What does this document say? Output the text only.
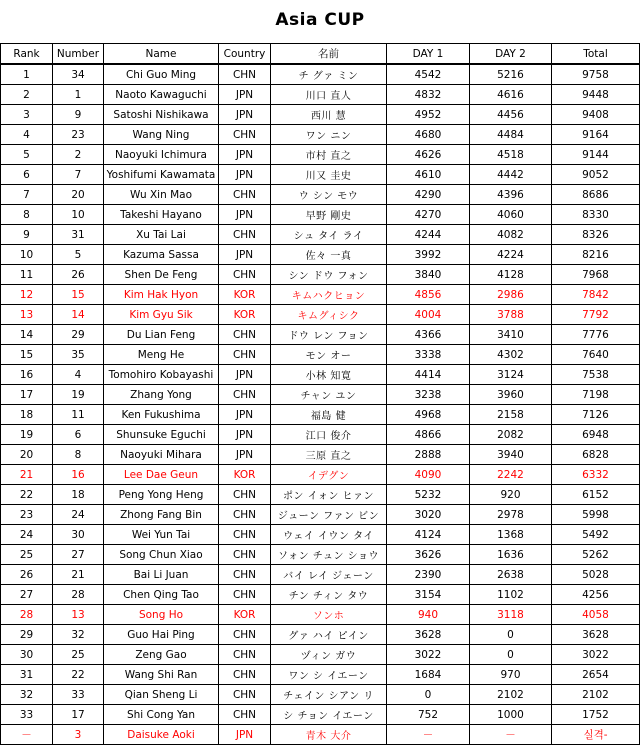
Asia CUP
Rank	Number	Name	Country	名前	DAY 1	DAY 2	Total
1	34	Chi Guo Ming	CHN	チ グァ ミン	4542	5216	9758
2	1	Naoto Kawaguchi	JPN	川口 直人	4832	4616	9448
3	9	Satoshi Nishikawa	JPN	西川 慧	4952	4456	9408
4	23	Wang Ning	CHN	ワン ニン	4680	4484	9164
5	2	Naoyuki Ichimura	JPN	市村 直之	4626	4518	9144
6	7	Yoshifumi Kawamata	JPN	川又 圭史	4610	4442	9052
7	20	Wu Xin Mao	CHN	ウ シン モウ	4290	4396	8686
8	10	Takeshi Hayano	JPN	早野 剛史	4270	4060	8330
9	31	Xu Tai Lai	CHN	シュ タイ ライ	4244	4082	8326
10	5	Kazuma Sassa	JPN	佐々 一真	3992	4224	8216
11	26	Shen De Feng	CHN	シン ドウ フォン	3840	4128	7968
12	15	Kim Hak Hyon	KOR	キムハクヒョン	4856	2986	7842
13	14	Kim Gyu Sik	KOR	キムグィシク	4004	3788	7792
14	29	Du Lian Feng	CHN	ドウ レン フョン	4366	3410	7776
15	35	Meng He	CHN	モン オー	3338	4302	7640
16	4	Tomohiro Kobayashi	JPN	小林 知寛	4414	3124	7538
17	19	Zhang Yong	CHN	チャン ユン	3238	3960	7198
18	11	Ken Fukushima	JPN	福島 健	4968	2158	7126
19	6	Shunsuke Eguchi	JPN	江口 俊介	4866	2082	6948
20	8	Naoyuki Mihara	JPN	三原 直之	2888	3940	6828
21	16	Lee Dae Geun	KOR	イデグン	4090	2242	6332
22	18	Peng Yong Heng	CHN	ポン イォン ヒァン	5232	920	6152
23	24	Zhong Fang Bin	CHN	ジューン ファン ビン	3020	2978	5998
24	30	Wei Yun Tai	CHN	ウェイ イウン タイ	4124	1368	5492
25	27	Song Chun Xiao	CHN	ソォン チュン ショウ	3626	1636	5262
26	21	Bai Li Juan	CHN	バイ レイ ジェーン	2390	2638	5028
27	28	Chen Qing Tao	CHN	チン チィン タウ	3154	1102	4256
28	13	Song Ho	KOR	ソンホ	940	3118	4058
29	32	Guo Hai Ping	CHN	グァ ハイ ピイン	3628	0	3628
30	25	Zeng Gao	CHN	ヅィン ガウ	3022	0	3022
31	22	Wang Shi Ran	CHN	ワン シ イエーン	1684	970	2654
32	33	Qian Sheng Li	CHN	チェイン シアン リ	0	2102	2102
33	17	Shi Cong Yan	CHN	シ チョン イエーン	752	1000	1752
－	3	Daisuke Aoki	JPN	青木 大介	－	－	실격-
